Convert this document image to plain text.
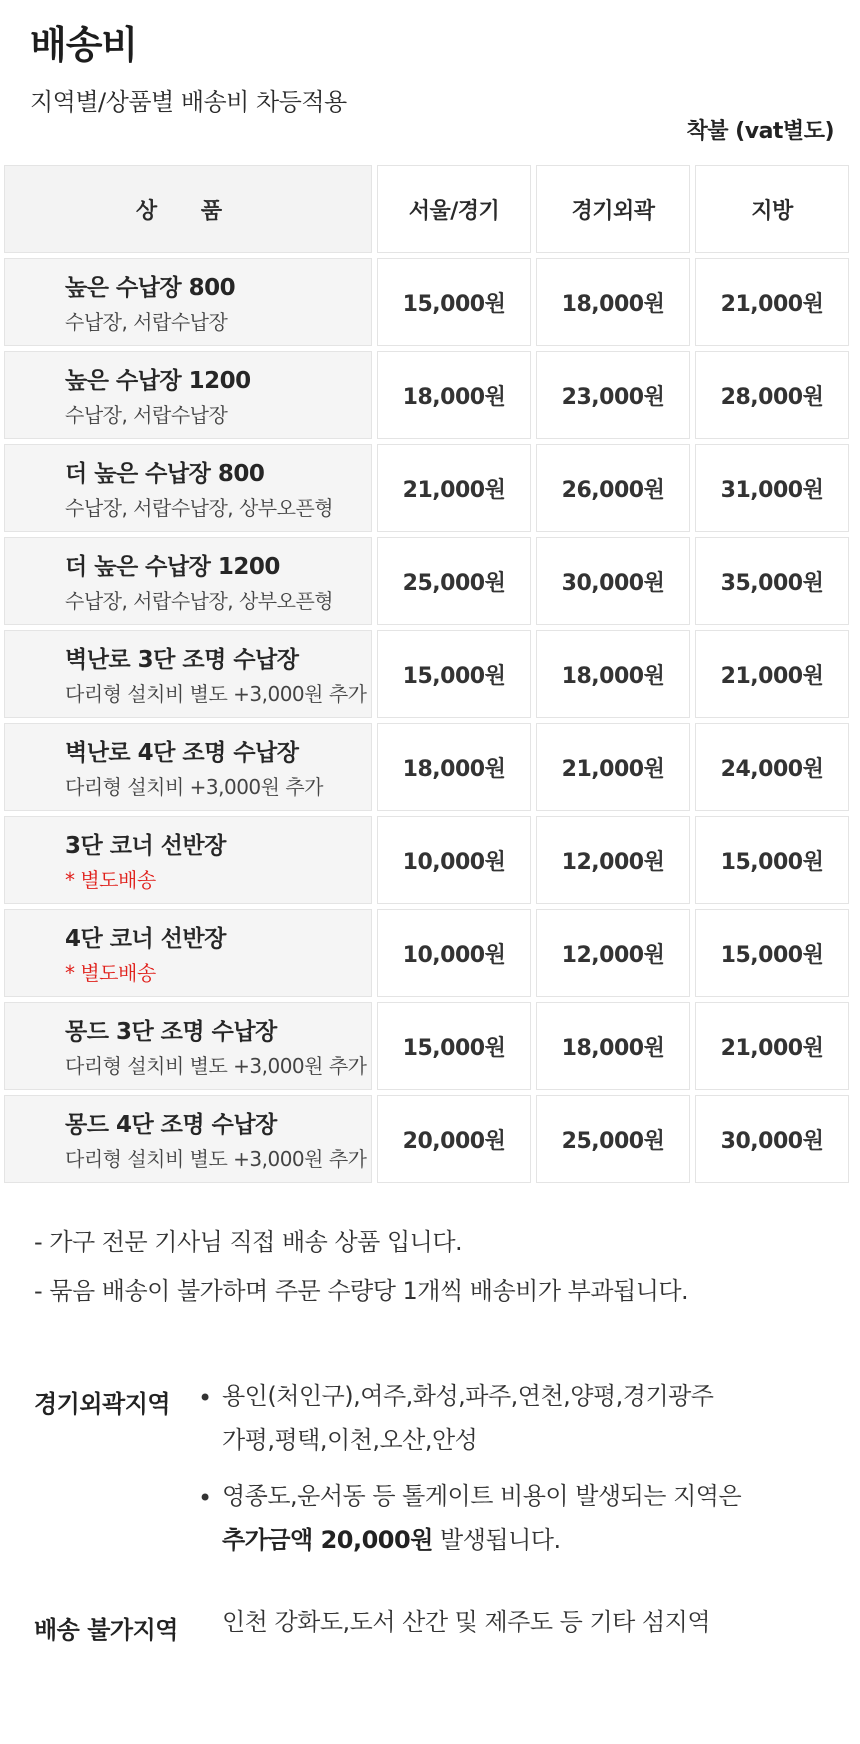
배송비
지역별/상품별 배송비 차등적용
착불 (vat별도)
상 품	서울/경기	경기외곽	지방
높은 수납장 800
수납장, 서랍수납장
15,000원	18,000원	21,000원
높은 수납장 1200
수납장, 서랍수납장
18,000원	23,000원	28,000원
더 높은 수납장 800
수납장, 서랍수납장, 상부오픈형
21,000원	26,000원	31,000원
더 높은 수납장 1200
수납장, 서랍수납장, 상부오픈형
25,000원	30,000원	35,000원
벽난로 3단 조명 수납장
다리형 설치비 별도 +3,000원 추가
15,000원	18,000원	21,000원
벽난로 4단 조명 수납장
다리형 설치비 +3,000원 추가
18,000원	21,000원	24,000원
3단 코너 선반장
* 별도배송
10,000원	12,000원	15,000원
4단 코너 선반장
* 별도배송
10,000원	12,000원	15,000원
몽드 3단 조명 수납장
다리형 설치비 별도 +3,000원 추가
15,000원	18,000원	21,000원
몽드 4단 조명 수납장
다리형 설치비 별도 +3,000원 추가
20,000원	25,000원	30,000원
- 가구 전문 기사님 직접 배송 상품 입니다.
- 묶음 배송이 불가하며 주문 수량당 1개씩 배송비가 부과됩니다.
경기외곽지역 • 용인(처인구),여주,화성,파주,연천,양평,경기광주
가평,평택,이천,오산,안성
• 영종도,운서동 등 톨게이트 비용이 발생되는 지역은
추가금액 20,000원 발생됩니다.
배송 불가지역 인천 강화도,도서 산간 및 제주도 등 기타 섬지역
